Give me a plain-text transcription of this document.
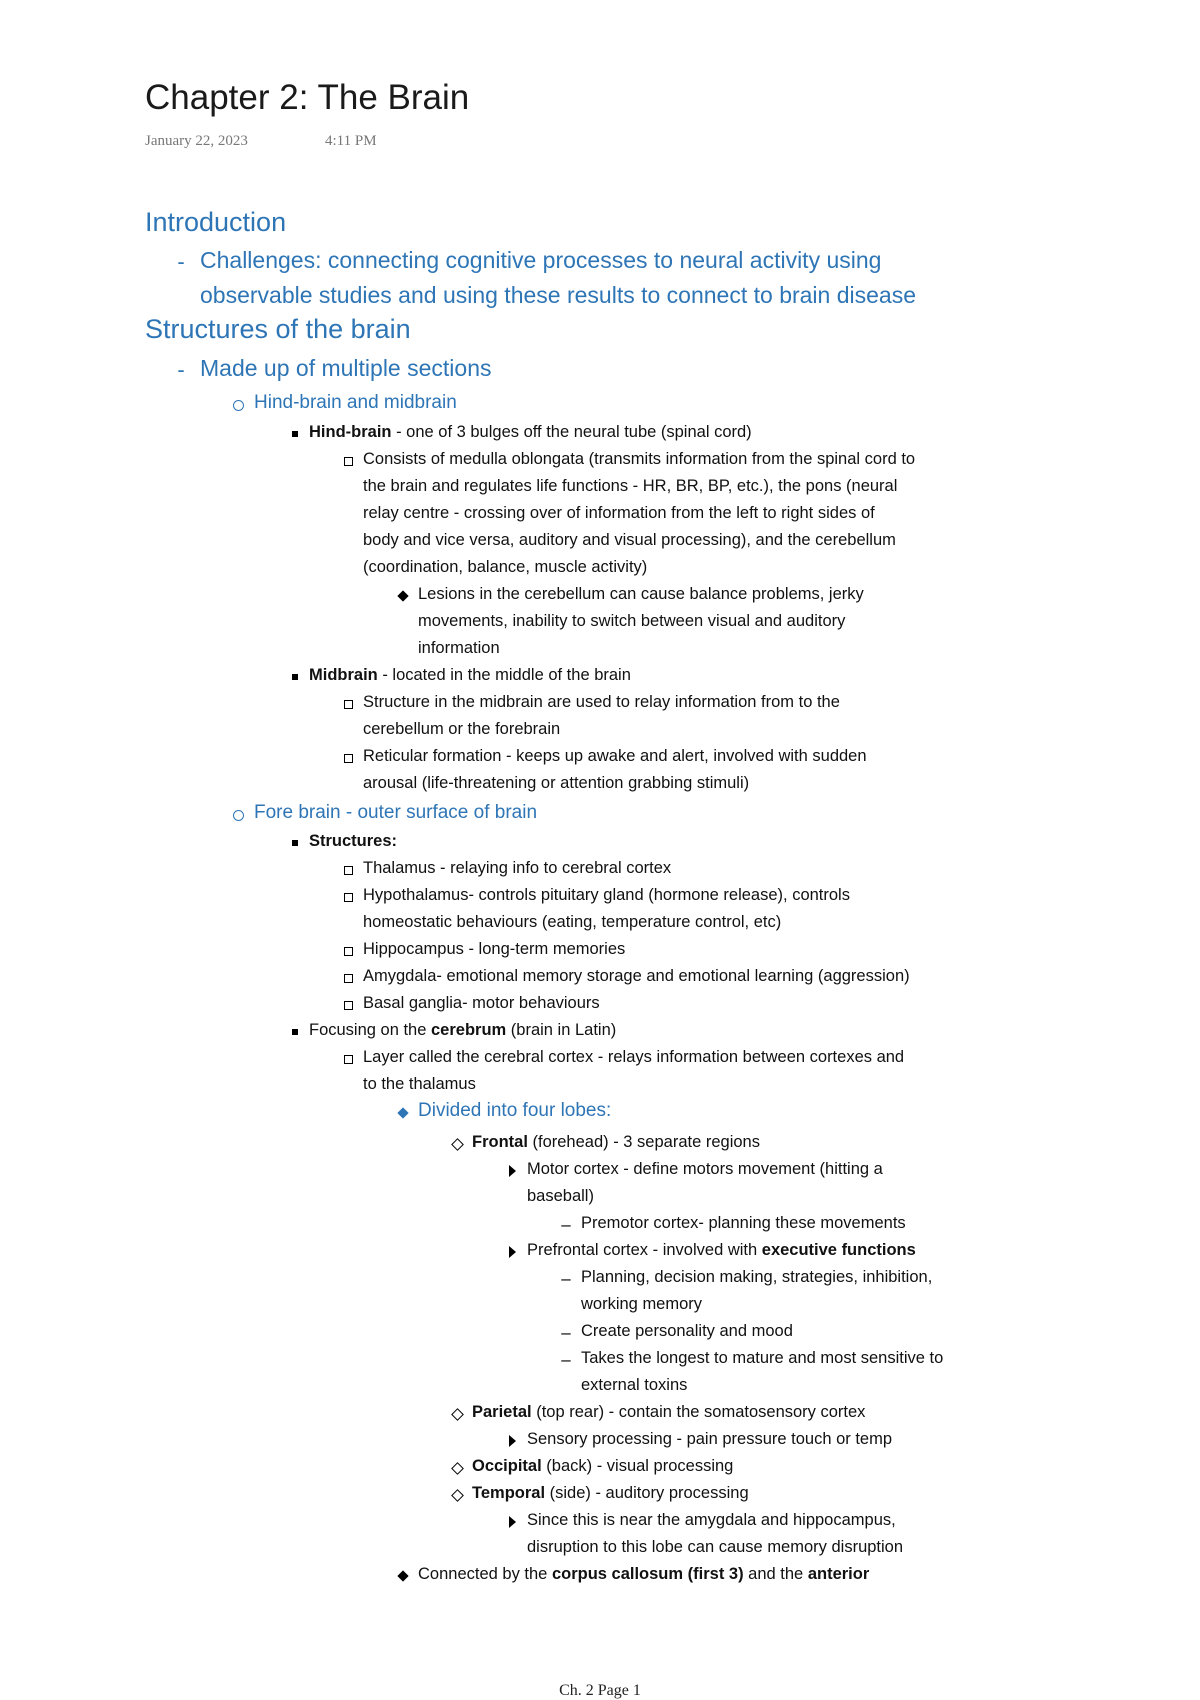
Chapter 2: The Brain
January 22, 2023	4:11 PM
Introduction
Challenges: connecting cognitive processes to neural activity using
-
observable studies and using these results to connect to brain disease
Structures of the brain
Made up of multiple sections
-
Hind-brain and midbrain
Hind-brain - one of 3 bulges off the neural tube (spinal cord)
Consists of medulla oblongata (transmits information from the spinal cord to
the brain and regulates life functions - HR, BR, BP, etc.), the pons (neural
relay centre - crossing over of information from the left to right sides of
body and vice versa, auditory and visual processing), and the cerebellum
(coordination, balance, muscle activity)
Lesions in the cerebellum can cause balance problems, jerky
movements, inability to switch between visual and auditory
information
Midbrain - located in the middle of the brain
Structure in the midbrain are used to relay information from to the
cerebellum or the forebrain
Reticular formation - keeps up awake and alert, involved with sudden
arousal (life-threatening or attention grabbing stimuli)
Fore brain - outer surface of brain
Structures:
Thalamus - relaying info to cerebral cortex
Hypothalamus- controls pituitary gland (hormone release), controls
homeostatic behaviours (eating, temperature control, etc)
Hippocampus - long-term memories
Amygdala- emotional memory storage and emotional learning (aggression)
Basal ganglia- motor behaviours
Focusing on the cerebrum (brain in Latin)
Layer called the cerebral cortex - relays information between cortexes and
to the thalamus
Divided into four lobes:
Frontal (forehead) - 3 separate regions
Motor cortex - define motors movement (hitting a
baseball)
Premotor cortex- planning these movements
–
Prefrontal cortex - involved with executive functions
Planning, decision making, strategies, inhibition,
–
working memory
Create personality and mood
–
Takes the longest to mature and most sensitive to
–
external toxins
Parietal (top rear) - contain the somatosensory cortex
Sensory processing - pain pressure touch or temp
Occipital (back) - visual processing
Temporal (side) - auditory processing
Since this is near the amygdala and hippocampus,
disruption to this lobe can cause memory disruption
Connected by the corpus callosum (first 3) and the anterior
Ch. 2 Page 1
